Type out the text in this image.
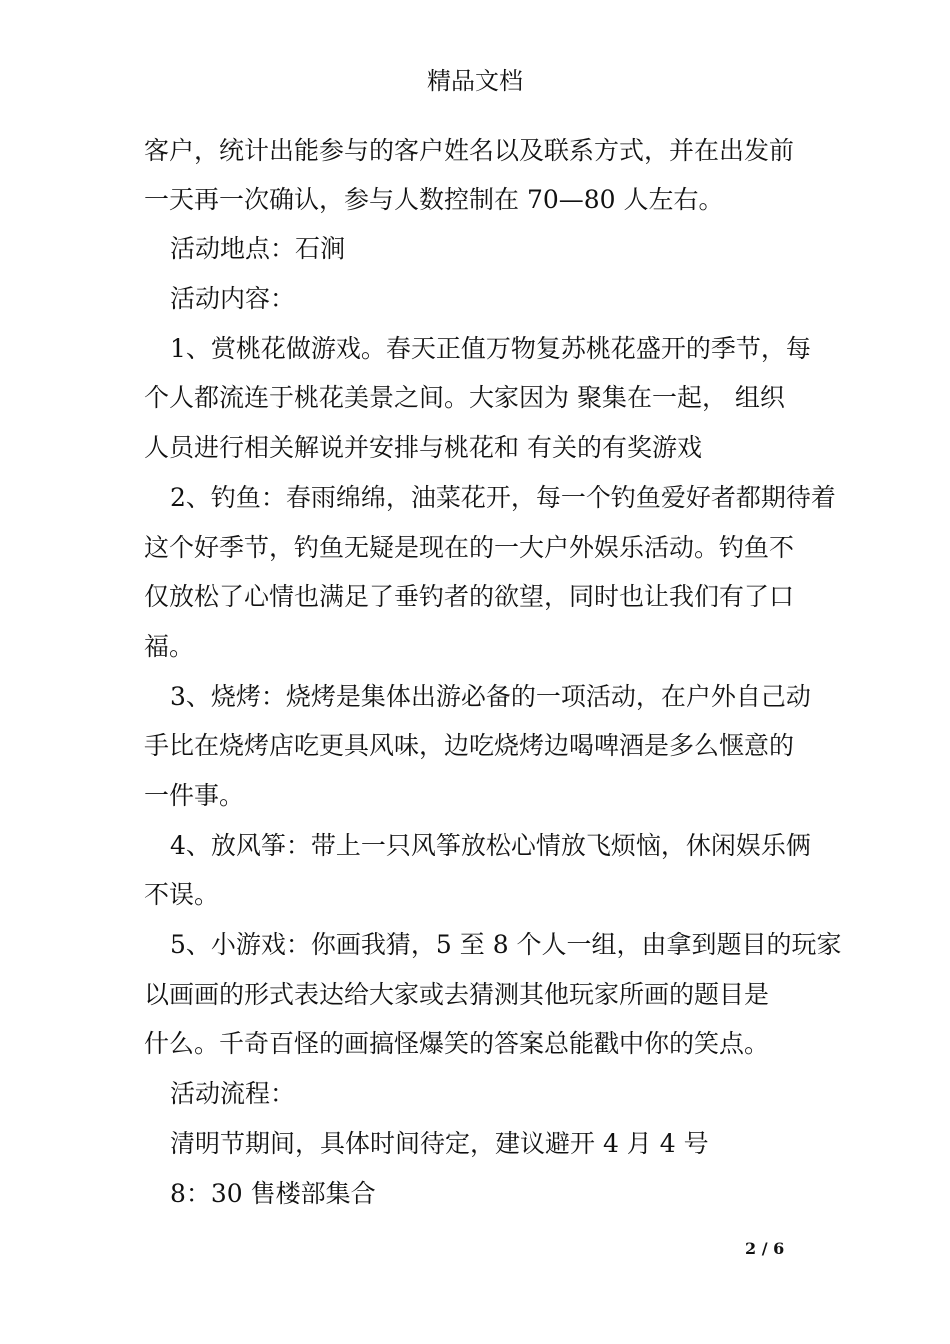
精品文档
客户，统计出能参与的客户姓名以及联系方式，并在出发前
一天再一次确认，参与人数控制在 70—80 人左右。
活动地点：石涧
活动内容：
1、赏桃花做游戏。春天正值万物复苏桃花盛开的季节，每
个人都流连于桃花美景之间。大家因为 聚集在一起， 组织
人员进行相关解说并安排与桃花和 有关的有奖游戏
2、钓鱼：春雨绵绵，油菜花开，每一个钓鱼爱好者都期待着
这个好季节，钓鱼无疑是现在的一大户外娱乐活动。钓鱼不
仅放松了心情也满足了垂钓者的欲望，同时也让我们有了口
福。
3、烧烤：烧烤是集体出游必备的一项活动，在户外自己动
手比在烧烤店吃更具风味，边吃烧烤边喝啤酒是多么惬意的
一件事。
4、放风筝：带上一只风筝放松心情放飞烦恼，休闲娱乐俩
不误。
5、小游戏：你画我猜，5 至 8 个人一组，由拿到题目的玩家
以画画的形式表达给大家或去猜测其他玩家所画的题目是
什么。千奇百怪的画搞怪爆笑的答案总能戳中你的笑点。
活动流程：
清明节期间，具体时间待定，建议避开 4 月 4 号
8：30 售楼部集合
2 / 6
